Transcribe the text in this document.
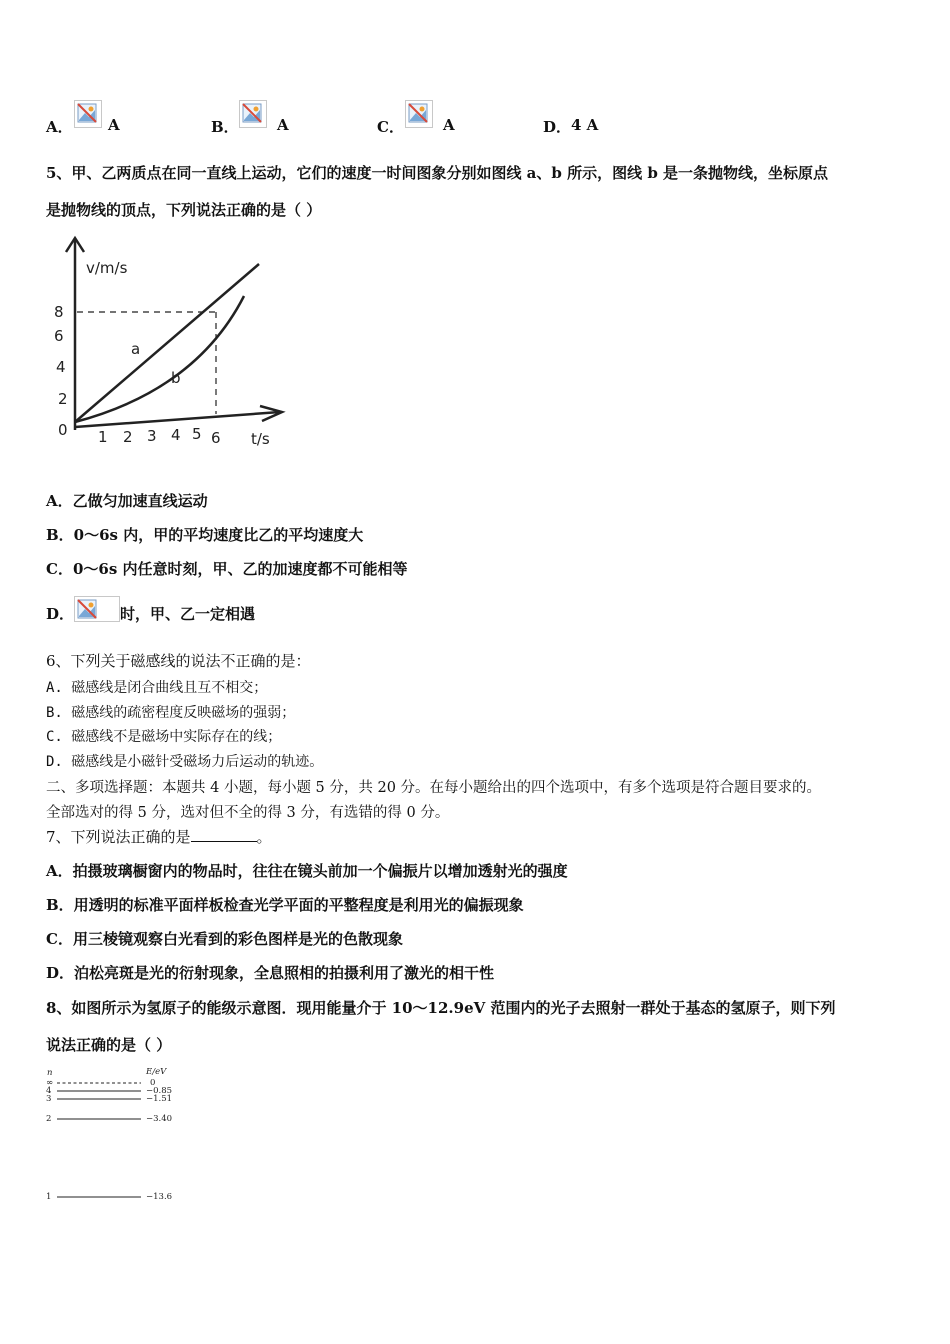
A． A	B．	A	C．	A	D． 4 A
5、甲、乙两质点在同一直线上运动，它们的速度一时间图象分别如图线 a、b 所示，图线 b 是一条抛物线，坐标原点
是抛物线的顶点，下列说法正确的是（ ）
v/m/s
t/s
0
8
6
4
2
1 2 3 4 5 6
a
b
A．乙做匀加速直线运动
B．0～6s 内，甲的平均速度比乙的平均速度大
C．0～6s 内任意时刻，甲、乙的加速度都不可能相等
D．	时，甲、乙一定相遇
6、下列关于磁感线的说法不正确的是：
A. 磁感线是闭合曲线且互不相交；
B. 磁感线的疏密程度反映磁场的强弱；
C. 磁感线不是磁场中实际存在的线；
D. 磁感线是小磁针受磁场力后运动的轨迹。
二、多项选择题：本题共 4 小题，每小题 5 分，共 20 分。在每小题给出的四个选项中，有多个选项是符合题目要求的。
全部选对的得 5 分，选对但不全的得 3 分，有选错的得 0 分。
7、下列说法正确的是	。
A．拍摄玻璃橱窗内的物品时，往往在镜头前加一个偏振片以增加透射光的强度
B．用透明的标准平面样板检查光学平面的平整程度是利用光的偏振现象
C．用三棱镜观察白光看到的彩色图样是光的色散现象
D．泊松亮斑是光的衍射现象，全息照相的拍摄利用了激光的相干性
8、如图所示为氢原子的能级示意图．现用能量介于 10～12.9eV 范围内的光子去照射一群处于基态的氢原子，则下列
说法正确的是（ ）
n	E/eV
∞	0
4	−0.85
3	−1.51
2	−3.40
1	−13.6
